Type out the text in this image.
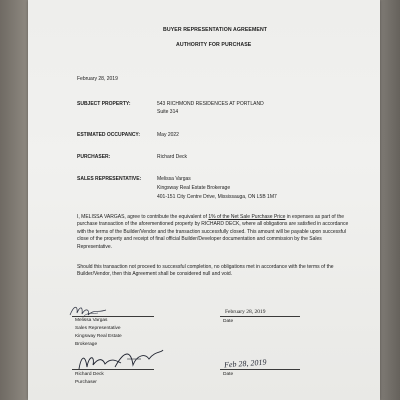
BUYER REPRESENTATION AGREEMENT
AUTHORITY FOR PURCHASE
February 28, 2019
SUBJECT PROPERTY:	543 RICHMOND RESIDENCES AT PORTLAND
Suite 314
ESTIMATED OCCUPANCY:	May 2022
PURCHASER:	Richard Deck
SALES REPRESENTATIVE:	Melissa Vargas
Kingsway Real Estate Brokerage
401-151 City Centre Drive, Mississauga, ON L5B 1M7
I, MELISSA VARGAS, agree to contribute the equivalent of 1% of the Net Sale Purchase Price in expenses as part of the purchase transaction of the aforementioned property by RICHARD DECK, where all obligations are satisfied in accordance with the terms of the Builder/Vendor and the transaction successfully closed. This amount will be payable upon successful close of the property and receipt of final official Builder/Developer documentation and commission by the Sales Representative.
Should this transaction not proceed to successful completion, no obligations met in accordance with the terms of the Builder/Vendor, then this Agreement shall be considered null and void.
Melissa Vargas
Sales Representative
Kingsway Real Estate
Brokerage
February 28, 2019
Date
Richard Deck
Purchaser
Feb 28, 2019
Date
